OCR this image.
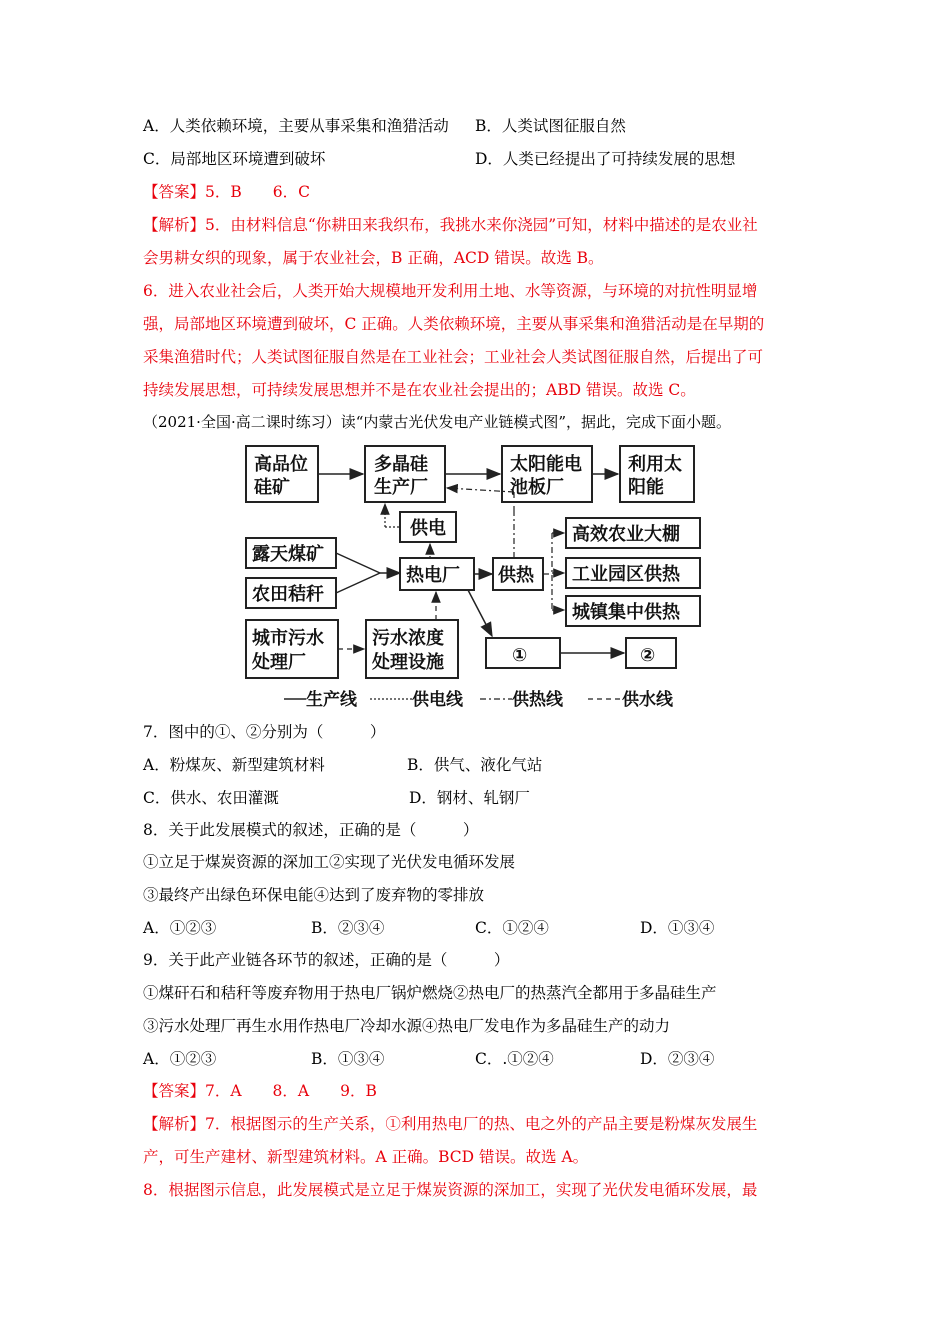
A．人类依赖环境，主要从事采集和渔猎活动 B．人类试图征服自然
C．局部地区环境遭到破坏	D．人类已经提出了可持续发展的思想
【答案】5．B　　6．C
【解析】5．由材料信息“你耕田来我织布，我挑水来你浇园”可知，材料中描述的是农业社
会男耕女织的现象，属于农业社会，B 正确，ACD 错误。故选 B。
6．进入农业社会后，人类开始大规模地开发利用土地、水等资源，与环境的对抗性明显增
强，局部地区环境遭到破坏，C 正确。人类依赖环境，主要从事采集和渔猎活动是在早期的
采集渔猎时代；人类试图征服自然是在工业社会；工业社会人类试图征服自然，后提出了可
持续发展思想，可持续发展思想并不是在农业社会提出的；ABD 错误。故选 C。
（2021·全国·高二课时练习）读“内蒙古光伏发电产业链模式图”，据此，完成下面小题。
高品位
硅矿
多晶硅
生产厂
太阳能电
池板厂
利用太
阳能
供电
露天煤矿
农田秸秆
热电厂 供热
高效农业大棚
工业园区供热
城镇集中供热
城市污水
处理厂
污水浓度
处理设施	①	②
生产线	供电线	供热线	供水线
7．图中的①、②分别为（　　　）
A．粉煤灰、新型建筑材料	B．供气、液化气站
C．供水、农田灌溉	D．钢材、轧钢厂
8．关于此发展模式的叙述，正确的是（　　　）
①立足于煤炭资源的深加工②实现了光伏发电循环发展
③最终产出绿色环保电能④达到了废弃物的零排放
A．①②③	B．②③④	C．①②④	D．①③④
9．关于此产业链各环节的叙述，正确的是（　　　）
①煤矸石和秸秆等废弃物用于热电厂锅炉燃烧②热电厂的热蒸汽全都用于多晶硅生产
③污水处理厂再生水用作热电厂冷却水源④热电厂发电作为多晶硅生产的动力
A．①②③	B．①③④	C．.①②④	D．②③④
【答案】7．A　　8．A　　9．B
【解析】7．根据图示的生产关系，①利用热电厂的热、电之外的产品主要是粉煤灰发展生
产，可生产建材、新型建筑材料。A 正确。BCD 错误。故选 A。
8．根据图示信息，此发展模式是立足于煤炭资源的深加工，实现了光伏发电循环发展，最
